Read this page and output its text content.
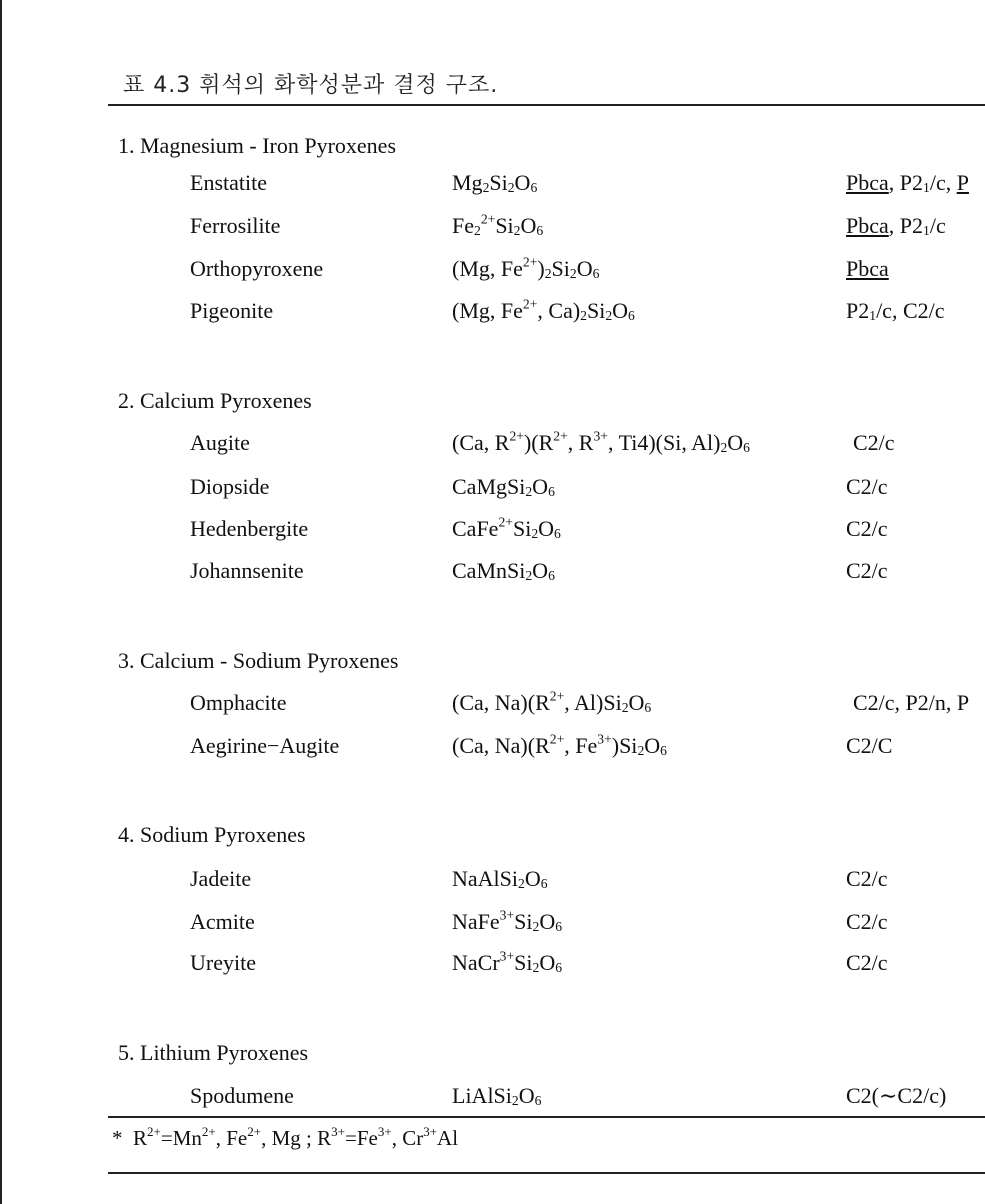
표 4.3 휘석의 화학성분과 결정 구조.
1. Magnesium - Iron Pyroxenes
Enstatite	$Mg_2Si_2O_6$	Pbca, $P2_1/c$, P
Ferrosilite	$Fe_2^{2+}Si_2O_6$	Pbca, $P2_1/c$
Orthopyroxene	(Mg, $Fe^{2+})_2Si_2O_6$	Pbca
Pigeonite	(Mg, $Fe^{2+}$, $Ca)_2Si_2O_6$	$P2_1/c$, C2/c
2. Calcium Pyroxenes
Augite	(Ca, $R^{2+})(R^{2+}$, $R^{3+}$, Ti4)(Si, $Al)_2O_6$	C2/c
Diopside	$CaMgSi_2O_6$	C2/c
Hedenbergite	$CaFe^{2+}Si_2O_6$	C2/c
Johannsenite	$CaMnSi_2O_6$	C2/c
3. Calcium - Sodium Pyroxenes
Omphacite	(Ca, $Na)(R^{2+}$, $Al)Si_2O_6$	C2/c, P2/n, P
Aegirine−Augite	(Ca, $Na)(R^{2+}$, $Fe^{3+})Si_2O_6$	C2/C
4. Sodium Pyroxenes
Jadeite	$NaAlSi_2O_6$	C2/c
Acmite	$NaFe^{3+}Si_2O_6$	C2/c
Ureyite	$NaCr^{3+}Si_2O_6$	C2/c
5. Lithium Pyroxenes
Spodumene	$LiAlSi_2O_6$	C2(∼C2/c)
*  $R^{2+}=Mn^{2+}$, $Fe^{2+}$, Mg ; $R^{3+}=Fe^{3+}$, $Cr^{3+}Al$
